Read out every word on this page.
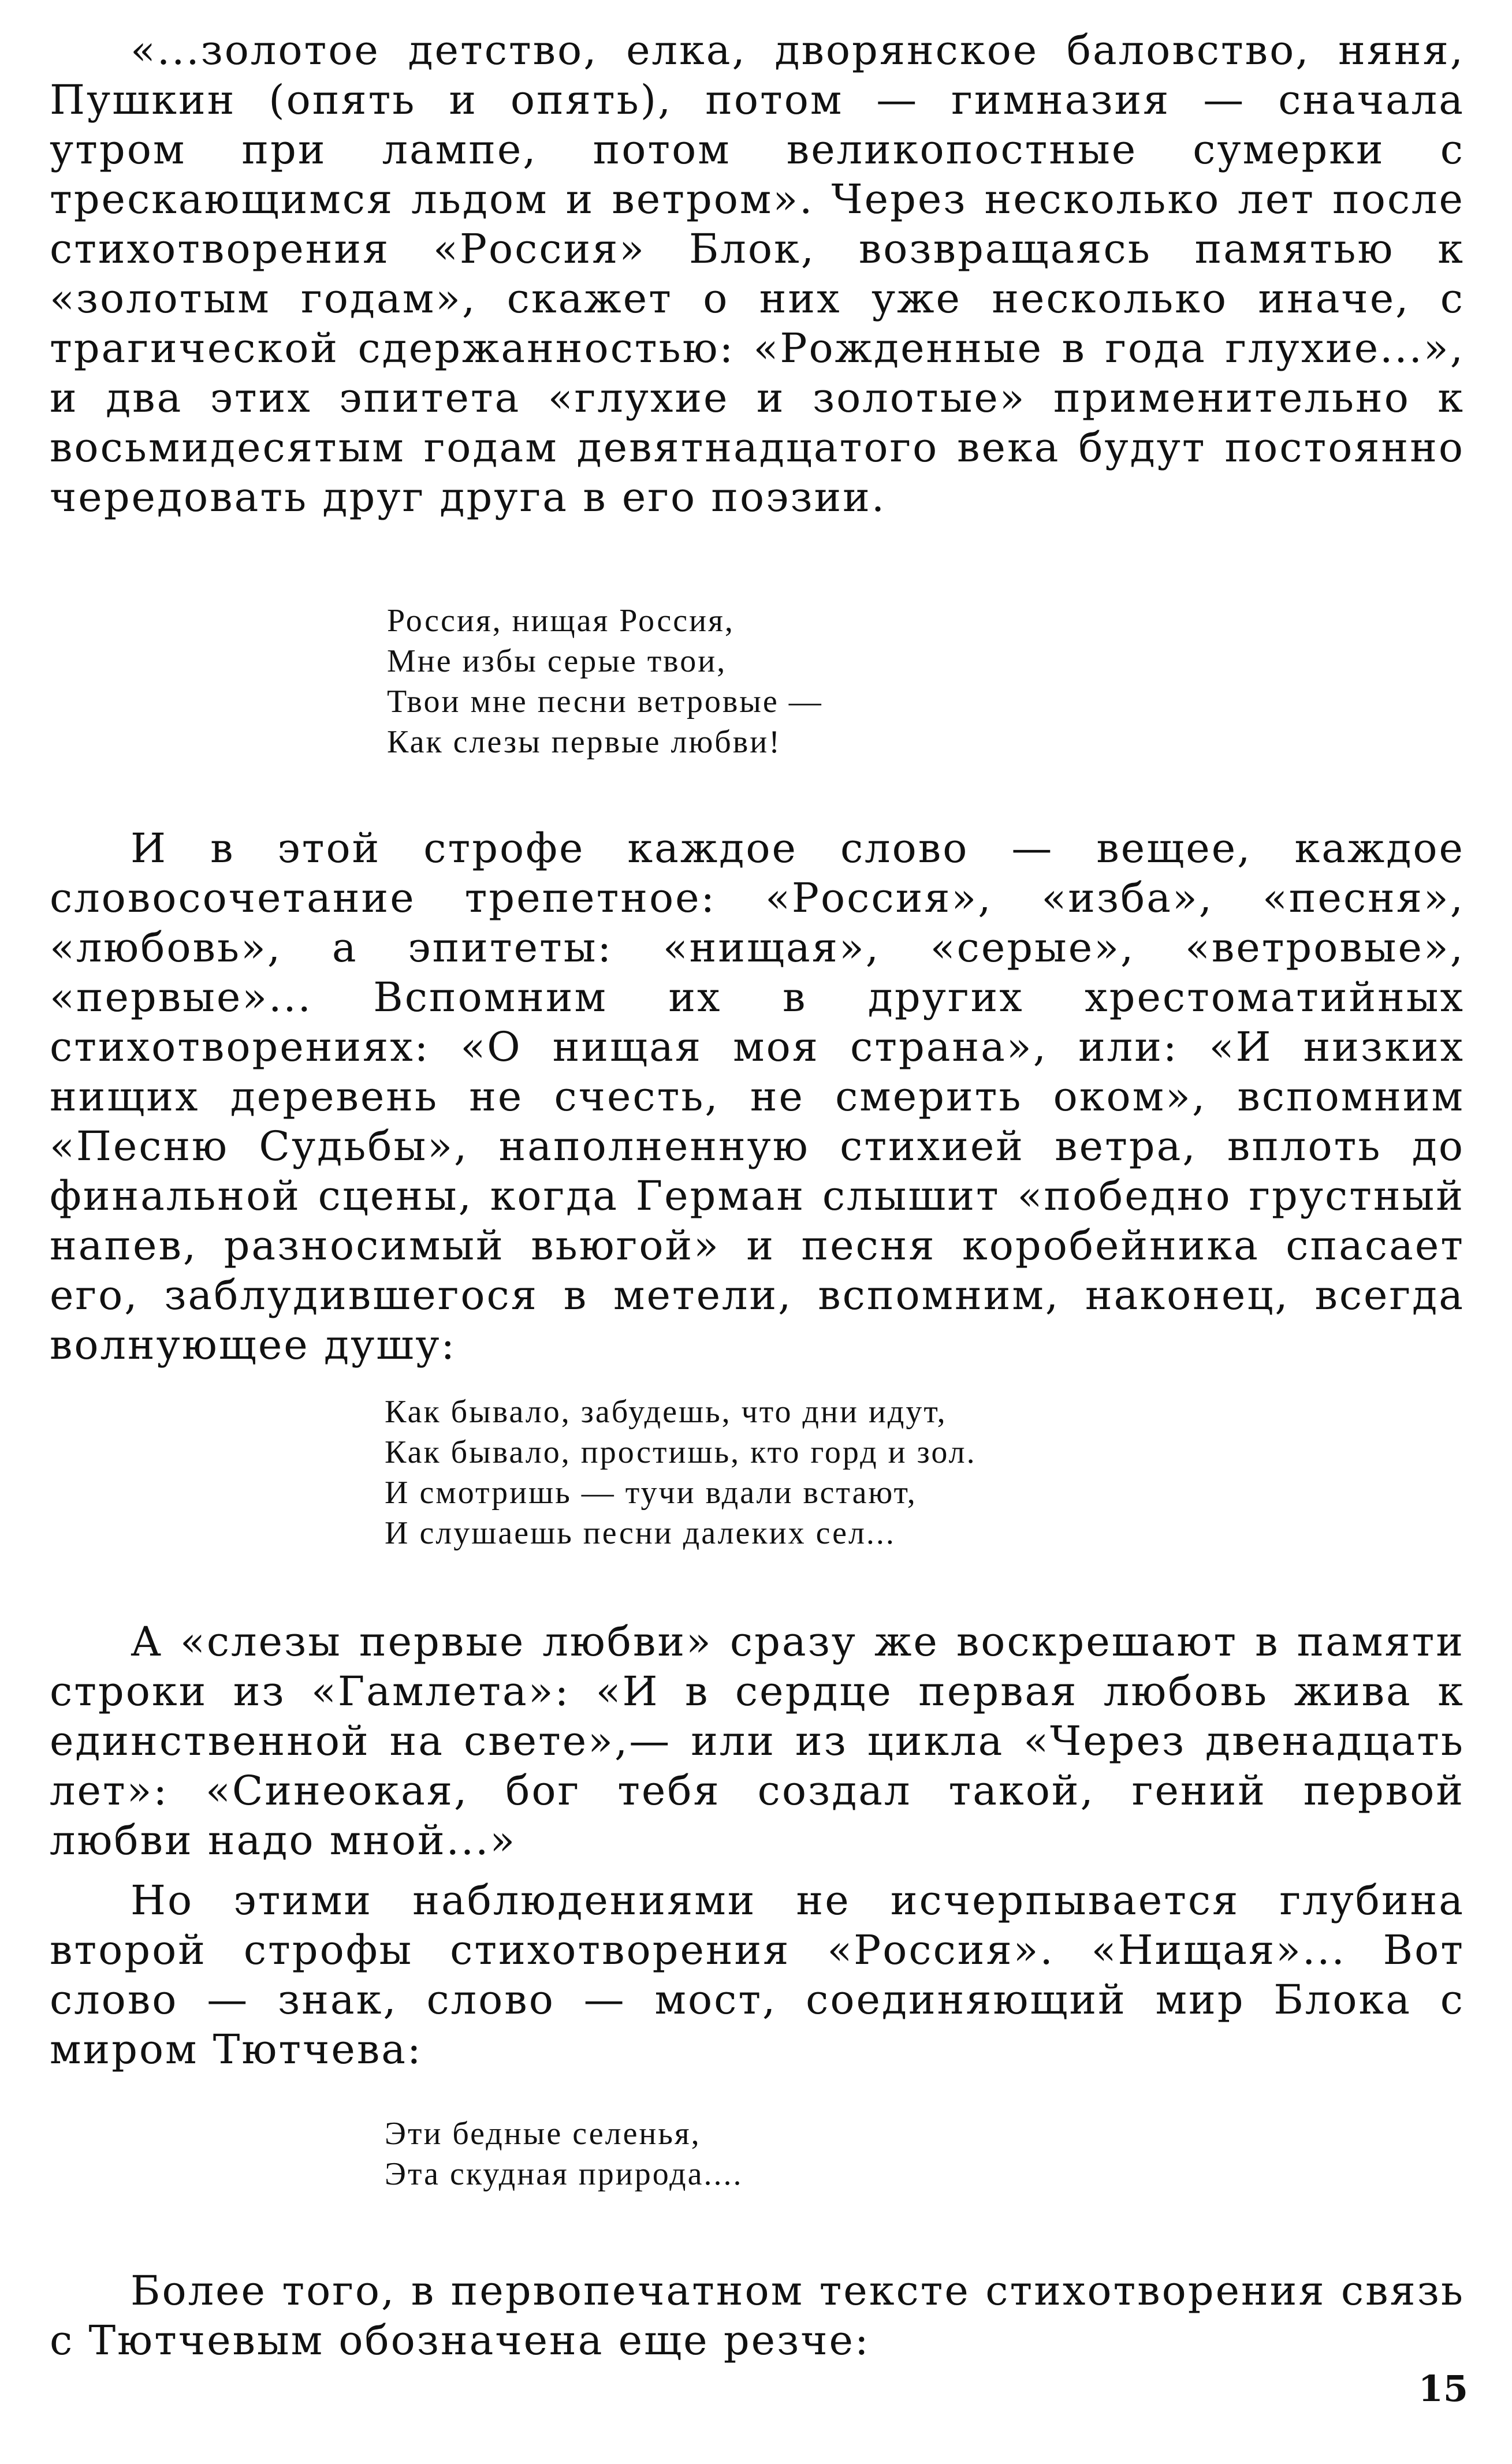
«...золотое детство, елка, дворянское баловство, няня, Пушкин (опять и опять), потом — гимназия — сначала утром при лампе, потом великопостные сумерки с трескающимся льдом и ветром». Через несколько лет после стихотворения «Россия» Блок, возвращаясь памятью к «золотым годам», скажет о них уже несколько иначе, с трагической сдержанностью: «Рожденные в года глухие...», и два этих эпитета «глухие и золотые» применительно к восьмидесятым годам девятнадцатого века будут постоянно чередовать друг друга в его поэзии.

Россия, нищая Россия,
Мне избы серые твои,
Твои мне песни ветровые —
Как слезы первые любви!

И в этой строфе каждое слово — вещее, каждое словосочетание трепетное: «Россия», «изба», «песня», «любовь», а эпитеты: «нищая», «серые», «ветровые», «первые»... Вспомним их в других хрестоматийных стихотворениях: «О нищая моя страна», или: «И низких нищих деревень не счесть, не смерить оком», вспомним «Песню Судьбы», наполненную стихией ветра, вплоть до финальной сцены, когда Герман слышит «победно грустный напев, разносимый вьюгой» и песня коробейника спасает его, заблудившегося в метели, вспомним, наконец, всегда волнующее душу:

Как бывало, забудешь, что дни идут,
Как бывало, простишь, кто горд и зол.
И смотришь — тучи вдали встают,
И слушаешь песни далеких сел...

А «слезы первые любви» сразу же воскрешают в памяти строки из «Гамлета»: «И в сердце первая любовь жива к единственной на свете»,— или из цикла «Через двенадцать лет»: «Синеокая, бог тебя создал такой, гений первой любви надо мной...»

Но этими наблюдениями не исчерпывается глубина второй строфы стихотворения «Россия». «Нищая»... Вот слово — знак, слово — мост, соединяющий мир Блока с миром Тютчева:

Эти бедные селенья,
Эта скудная природа....

Более того, в первопечатном тексте стихотворения связь с Тютчевым обозначена еще резче:

15
